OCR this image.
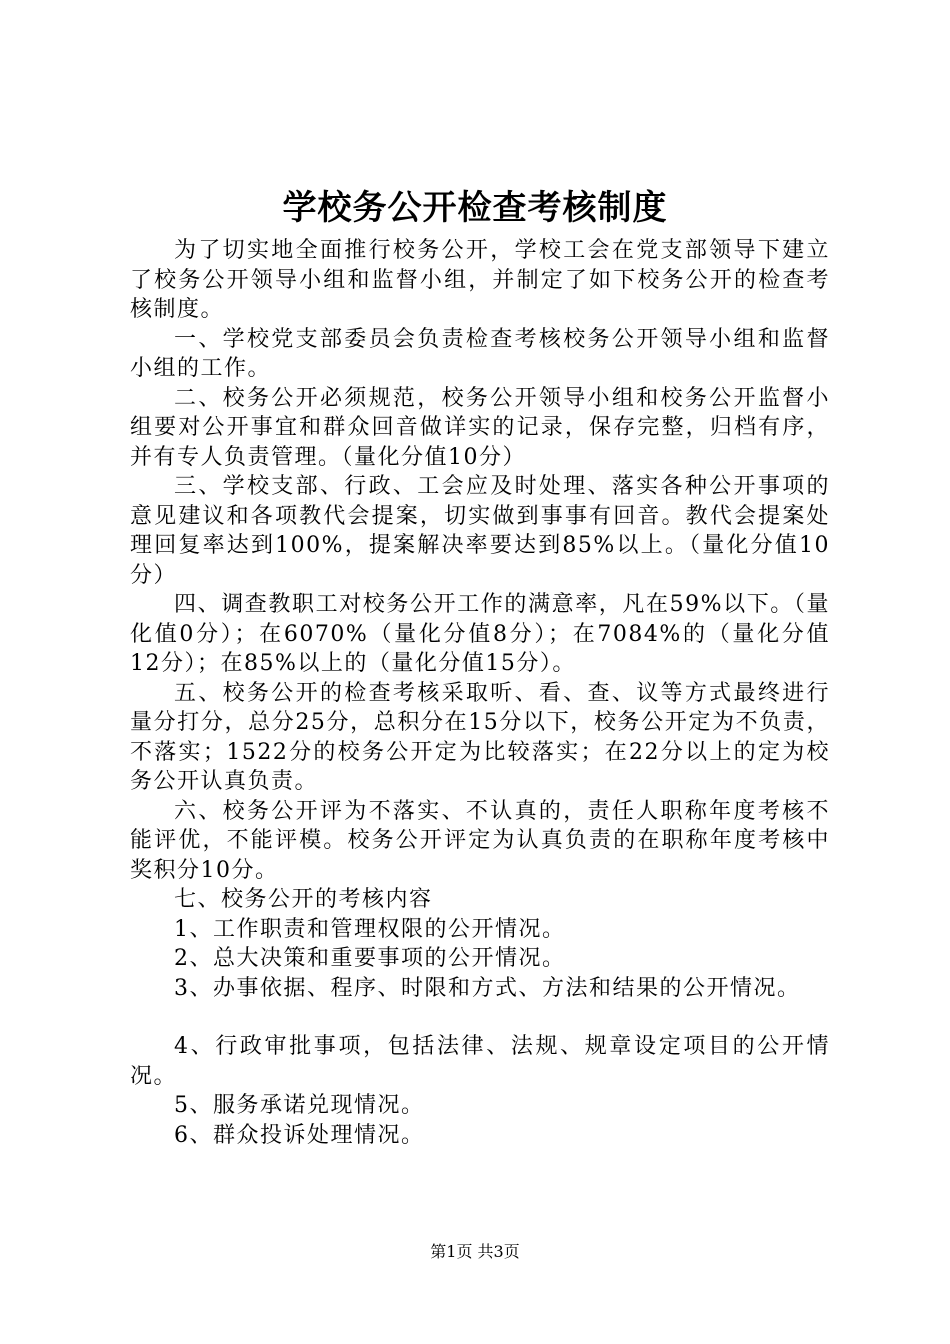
学校务公开检查考核制度

为了切实地全面推行校务公开，学校工会在党支部领导下建立了校务公开领导小组和监督小组，并制定了如下校务公开的检查考核制度。

一、学校党支部委员会负责检查考核校务公开领导小组和监督小组的工作。

二、校务公开必须规范，校务公开领导小组和校务公开监督小组要对公开事宜和群众回音做详实的记录，保存完整，归档有序，并有专人负责管理。（量化分值10分）

三、学校支部、行政、工会应及时处理、落实各种公开事项的意见建议和各项教代会提案，切实做到事事有回音。教代会提案处理回复率达到100%，提案解决率要达到85%以上。（量化分值10分）

四、调查教职工对校务公开工作的满意率，凡在59%以下。（量化值0分）；在6070%（量化分值8分）；在7084%的（量化分值12分）；在85%以上的（量化分值15分）。

五、校务公开的检查考核采取听、看、查、议等方式最终进行量分打分，总分25分，总积分在15分以下，校务公开定为不负责，不落实；1522分的校务公开定为比较落实；在22分以上的定为校务公开认真负责。

六、校务公开评为不落实、不认真的，责任人职称年度考核不能评优，不能评模。校务公开评定为认真负责的在职称年度考核中奖积分10分。

七、校务公开的考核内容

1、工作职责和管理权限的公开情况。

2、总大决策和重要事项的公开情况。

3、办事依据、程序、时限和方式、方法和结果的公开情况。

4、行政审批事项，包括法律、法规、规章设定项目的公开情况。

5、服务承诺兑现情况。

6、群众投诉处理情况。

第1页 共3页
